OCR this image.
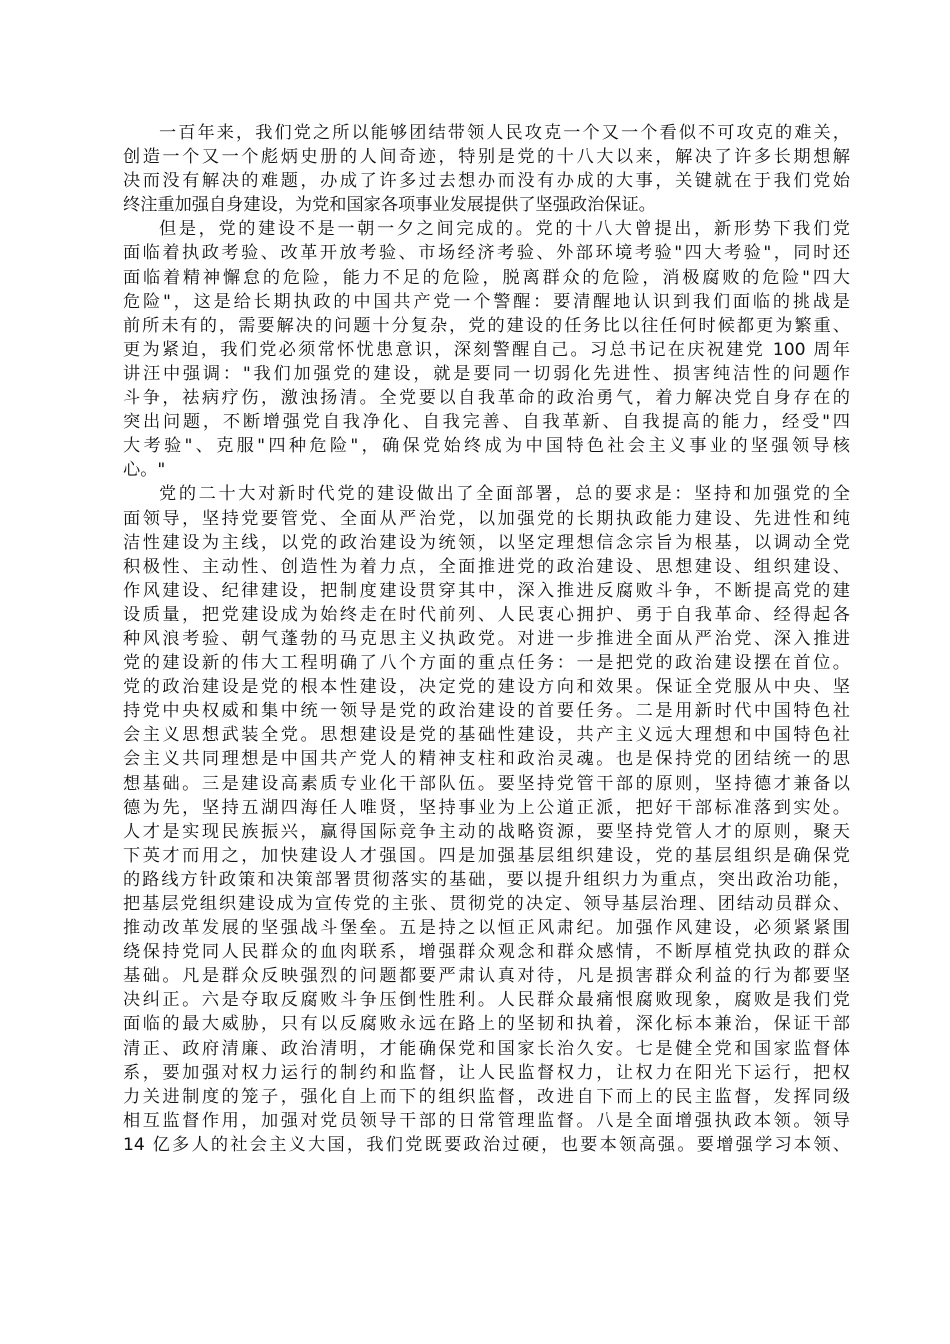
一百年来，我们党之所以能够团结带领人民攻克一个又一个看似不可攻克的难关，
创造一个又一个彪炳史册的人间奇迹，特别是党的十八大以来，解决了许多长期想解
决而没有解决的难题，办成了许多过去想办而没有办成的大事，关键就在于我们党始
终注重加强自身建设，为党和国家各项事业发展提供了坚强政治保证。
但是，党的建设不是一朝一夕之间完成的。党的十八大曾提出，新形势下我们党
面临着执政考验、改革开放考验、市场经济考验、外部环境考验"四大考验"，同时还
面临着精神懈怠的危险，能力不足的危险，脱离群众的危险，消极腐败的危险"四大
危险"，这是给长期执政的中国共产党一个警醒：要清醒地认识到我们面临的挑战是
前所未有的，需要解决的问题十分复杂，党的建设的任务比以往任何时候都更为繁重、
更为紧迫，我们党必须常怀忧患意识，深刻警醒自己。习总书记在庆祝建党 100 周年
讲汪中强调："我们加强党的建设，就是要同一切弱化先进性、损害纯洁性的问题作
斗争，祛病疗伤，激浊扬清。全党要以自我革命的政治勇气，着力解决党自身存在的
突出问题，不断增强党自我净化、自我完善、自我革新、自我提高的能力，经受"四
大考验"、克服"四种危险"，确保党始终成为中国特色社会主义事业的坚强领导核
心。"
党的二十大对新时代党的建设做出了全面部署，总的要求是：坚持和加强党的全
面领导，坚持党要管党、全面从严治党，以加强党的长期执政能力建设、先进性和纯
洁性建设为主线，以党的政治建设为统领，以坚定理想信念宗旨为根基，以调动全党
积极性、主动性、创造性为着力点，全面推进党的政治建设、思想建设、组织建设、
作风建设、纪律建设，把制度建设贯穿其中，深入推进反腐败斗争，不断提高党的建
设质量，把党建设成为始终走在时代前列、人民衷心拥护、勇于自我革命、经得起各
种风浪考验、朝气蓬勃的马克思主义执政党。对进一步推进全面从严治党、深入推进
党的建设新的伟大工程明确了八个方面的重点任务：一是把党的政治建设摆在首位。
党的政治建设是党的根本性建设，决定党的建设方向和效果。保证全党服从中央、坚
持党中央权威和集中统一领导是党的政治建设的首要任务。二是用新时代中国特色社
会主义思想武装全党。思想建设是党的基础性建设，共产主义远大理想和中国特色社
会主义共同理想是中国共产党人的精神支柱和政治灵魂。也是保持党的团结统一的思
想基础。三是建设高素质专业化干部队伍。要坚持党管干部的原则，坚持德才兼备以
德为先，坚持五湖四海任人唯贤，坚持事业为上公道正派，把好干部标准落到实处。
人才是实现民族振兴，赢得国际竞争主动的战略资源，要坚持党管人才的原则，聚天
下英才而用之，加快建设人才强国。四是加强基层组织建设，党的基层组织是确保党
的路线方针政策和决策部署贯彻落实的基础，要以提升组织力为重点，突出政治功能，
把基层党组织建设成为宣传党的主张、贯彻党的决定、领导基层治理、团结动员群众、
推动改革发展的坚强战斗堡垒。五是持之以恒正风肃纪。加强作风建设，必须紧紧围
绕保持党同人民群众的血肉联系，增强群众观念和群众感情，不断厚植党执政的群众
基础。凡是群众反映强烈的问题都要严肃认真对待，凡是损害群众利益的行为都要坚
决纠正。六是夺取反腐败斗争压倒性胜利。人民群众最痛恨腐败现象，腐败是我们党
面临的最大威胁，只有以反腐败永远在路上的坚韧和执着，深化标本兼治，保证干部
清正、政府清廉、政治清明，才能确保党和国家长治久安。七是健全党和国家监督体
系，要加强对权力运行的制约和监督，让人民监督权力，让权力在阳光下运行，把权
力关进制度的笼子，强化自上而下的组织监督，改进自下而上的民主监督，发挥同级
相互监督作用，加强对党员领导干部的日常管理监督。八是全面增强执政本领。领导
14 亿多人的社会主义大国，我们党既要政治过硬，也要本领高强。要增强学习本领、
